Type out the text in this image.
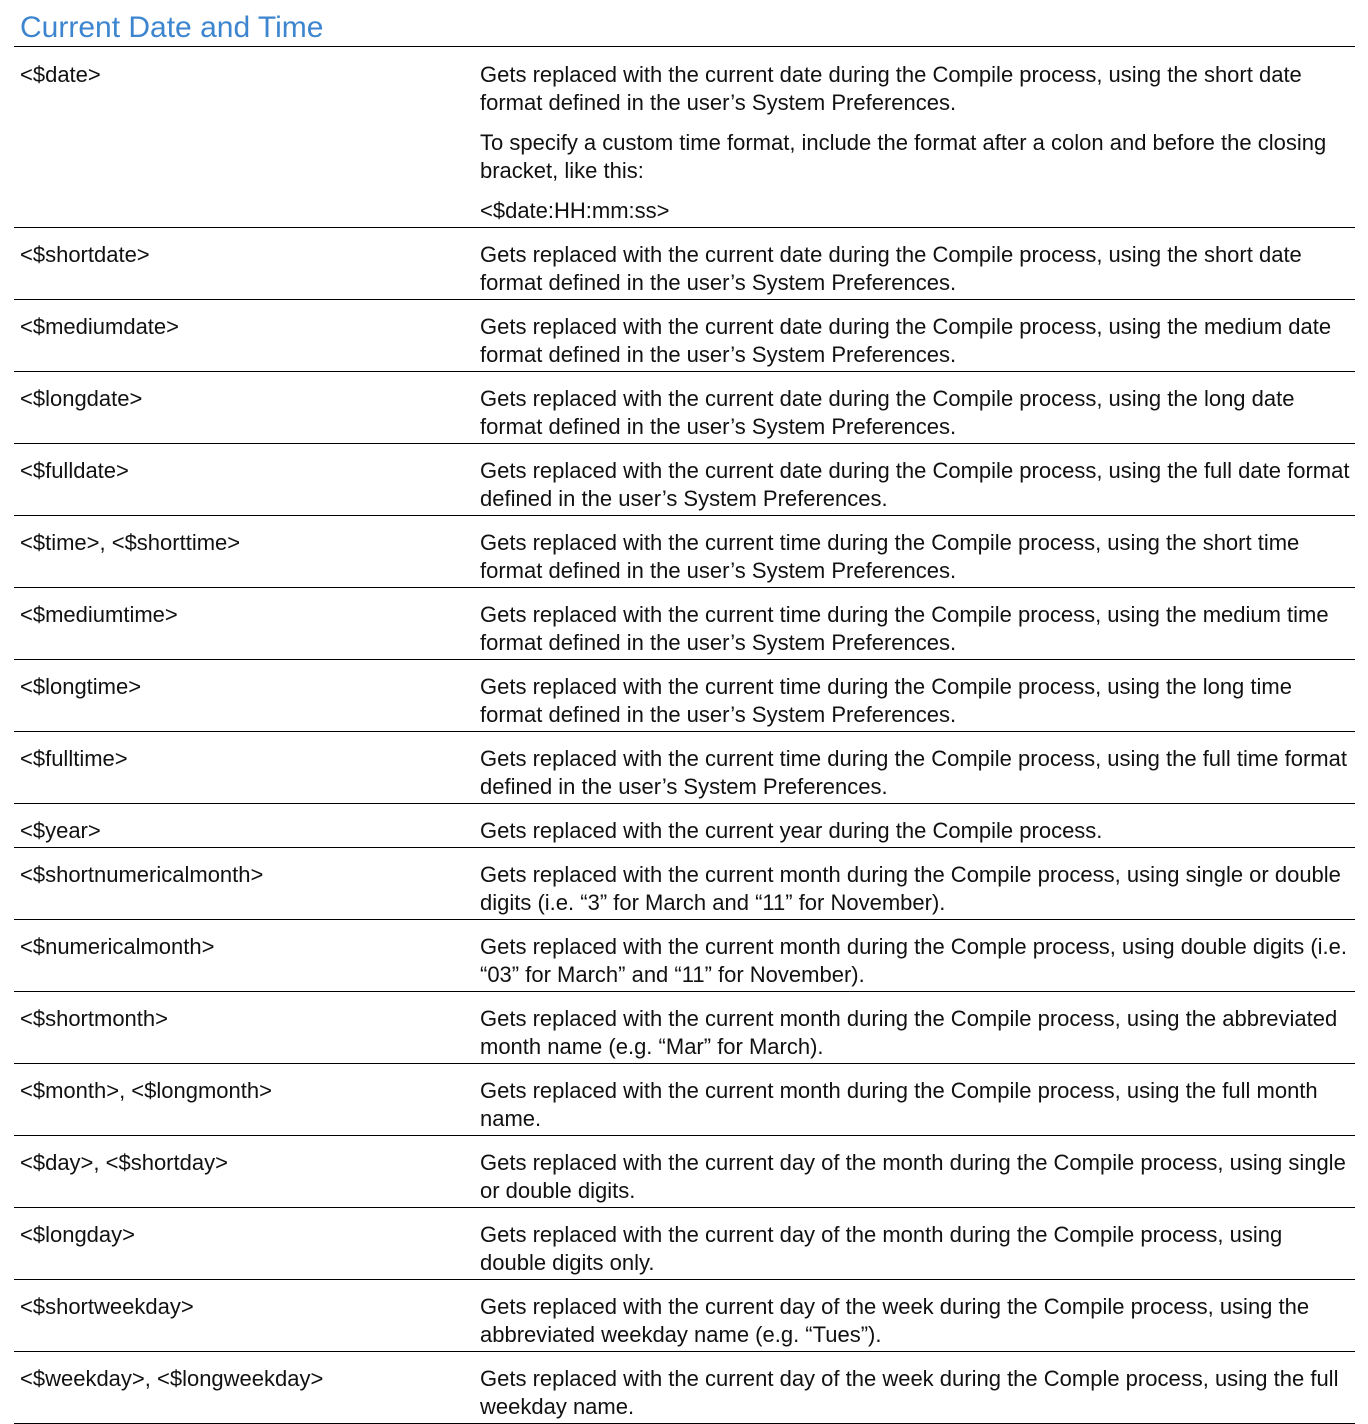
Current Date and Time
<$date>	Gets replaced with the current date during the Compile process, using the short date format defined in the user’s System Preferences.

To specify a custom time format, include the format after a colon and before the closing bracket, like this:

<$date:HH:mm:ss>

<$shortdate>	Gets replaced with the current date during the Compile process, using the short date format defined in the user’s System Preferences.

<$mediumdate>	Gets replaced with the current date during the Compile process, using the medium date format defined in the user’s System Preferences.

<$longdate>	Gets replaced with the current date during the Compile process, using the long date format defined in the user’s System Preferences.

<$fulldate>	Gets replaced with the current date during the Compile process, using the full date format defined in the user’s System Preferences.

<$time>, <$shorttime>	Gets replaced with the current time during the Compile process, using the short time format defined in the user’s System Preferences.

<$mediumtime>	Gets replaced with the current time during the Compile process, using the medium time format defined in the user’s System Preferences.

<$longtime>	Gets replaced with the current time during the Compile process, using the long time format defined in the user’s System Preferences.

<$fulltime>	Gets replaced with the current time during the Compile process, using the full time format defined in the user’s System Preferences.

<$year>	Gets replaced with the current year during the Compile process.

<$shortnumericalmonth>	Gets replaced with the current month during the Compile process, using single or double digits (i.e. “3” for March and “11” for November).

<$numericalmonth>	Gets replaced with the current month during the Comple process, using double digits (i.e. “03” for March” and “11” for November).

<$shortmonth>	Gets replaced with the current month during the Compile process, using the abbreviated month name (e.g. “Mar” for March).

<$month>, <$longmonth>	Gets replaced with the current month during the Compile process, using the full month name.

<$day>, <$shortday>	Gets replaced with the current day of the month during the Compile process, using single or double digits.

<$longday>	Gets replaced with the current day of the month during the Compile process, using double digits only.

<$shortweekday>	Gets replaced with the current day of the week during the Compile process, using the abbreviated weekday name (e.g. “Tues”).

<$weekday>, <$longweekday>	Gets replaced with the current day of the week during the Comple process, using the full weekday name.
